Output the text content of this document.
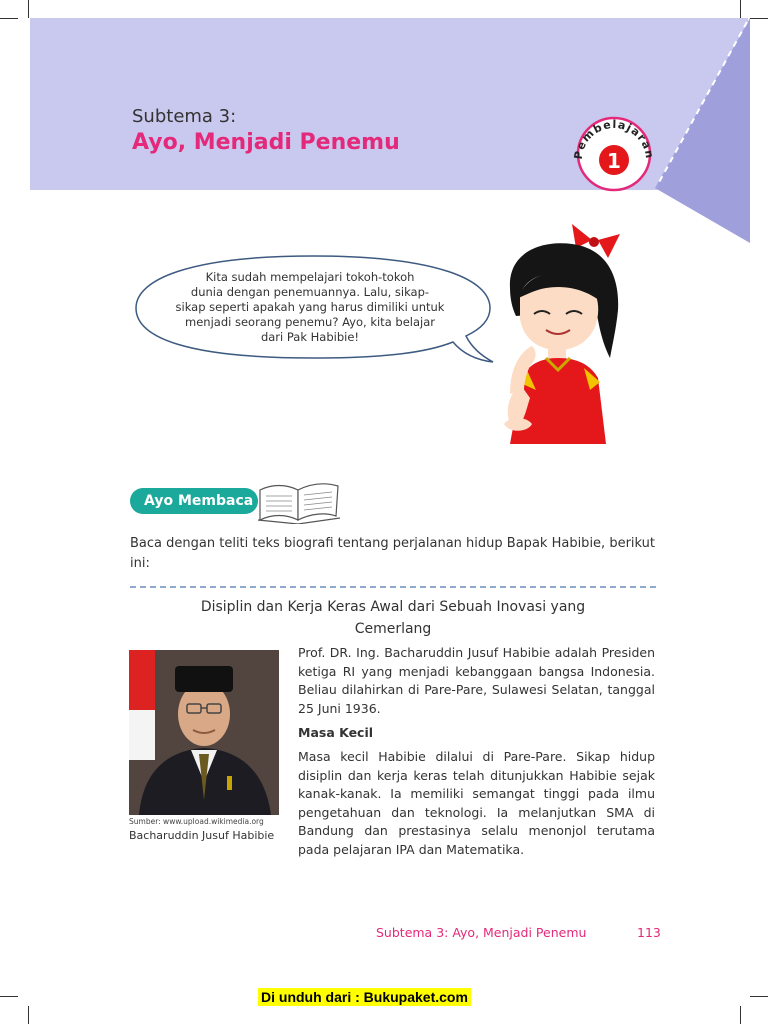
Subtema 3:
Ayo, Menjadi Penemu	Pembelajaran
1
Kita sudah mempelajari tokoh-tokoh
dunia dengan penemuannya. Lalu, sikap-
sikap seperti apakah yang harus dimiliki untuk
menjadi seorang penemu? Ayo, kita belajar
dari Pak Habibie!
Ayo Membaca
Baca dengan teliti teks biografi tentang perjalanan hidup Bapak Habibie, berikut ini:
Disiplin dan Kerja Keras Awal dari Sebuah Inovasi yang
Cemerlang
Sumber: www.upload.wikimedia.org
Bacharuddin Jusuf Habibie
Prof. DR. Ing. Bacharuddin Jusuf Habibie adalah Presiden ketiga RI yang menjadi kebanggaan bangsa Indonesia. Beliau dilahirkan di Pare-Pare, Sulawesi Selatan, tanggal 25 Juni 1936.
Masa Kecil
Masa kecil Habibie dilalui di Pare-Pare. Sikap hidup disiplin dan kerja keras telah ditunjukkan Habibie sejak kanak-kanak. Ia memiliki semangat tinggi pada ilmu pengetahuan dan teknologi. Ia melanjutkan SMA di Bandung dan prestasinya selalu menonjol terutama pada pelajaran IPA dan Matematika.
Subtema 3: Ayo, Menjadi Penemu	113
Di unduh dari : Bukupaket.com
